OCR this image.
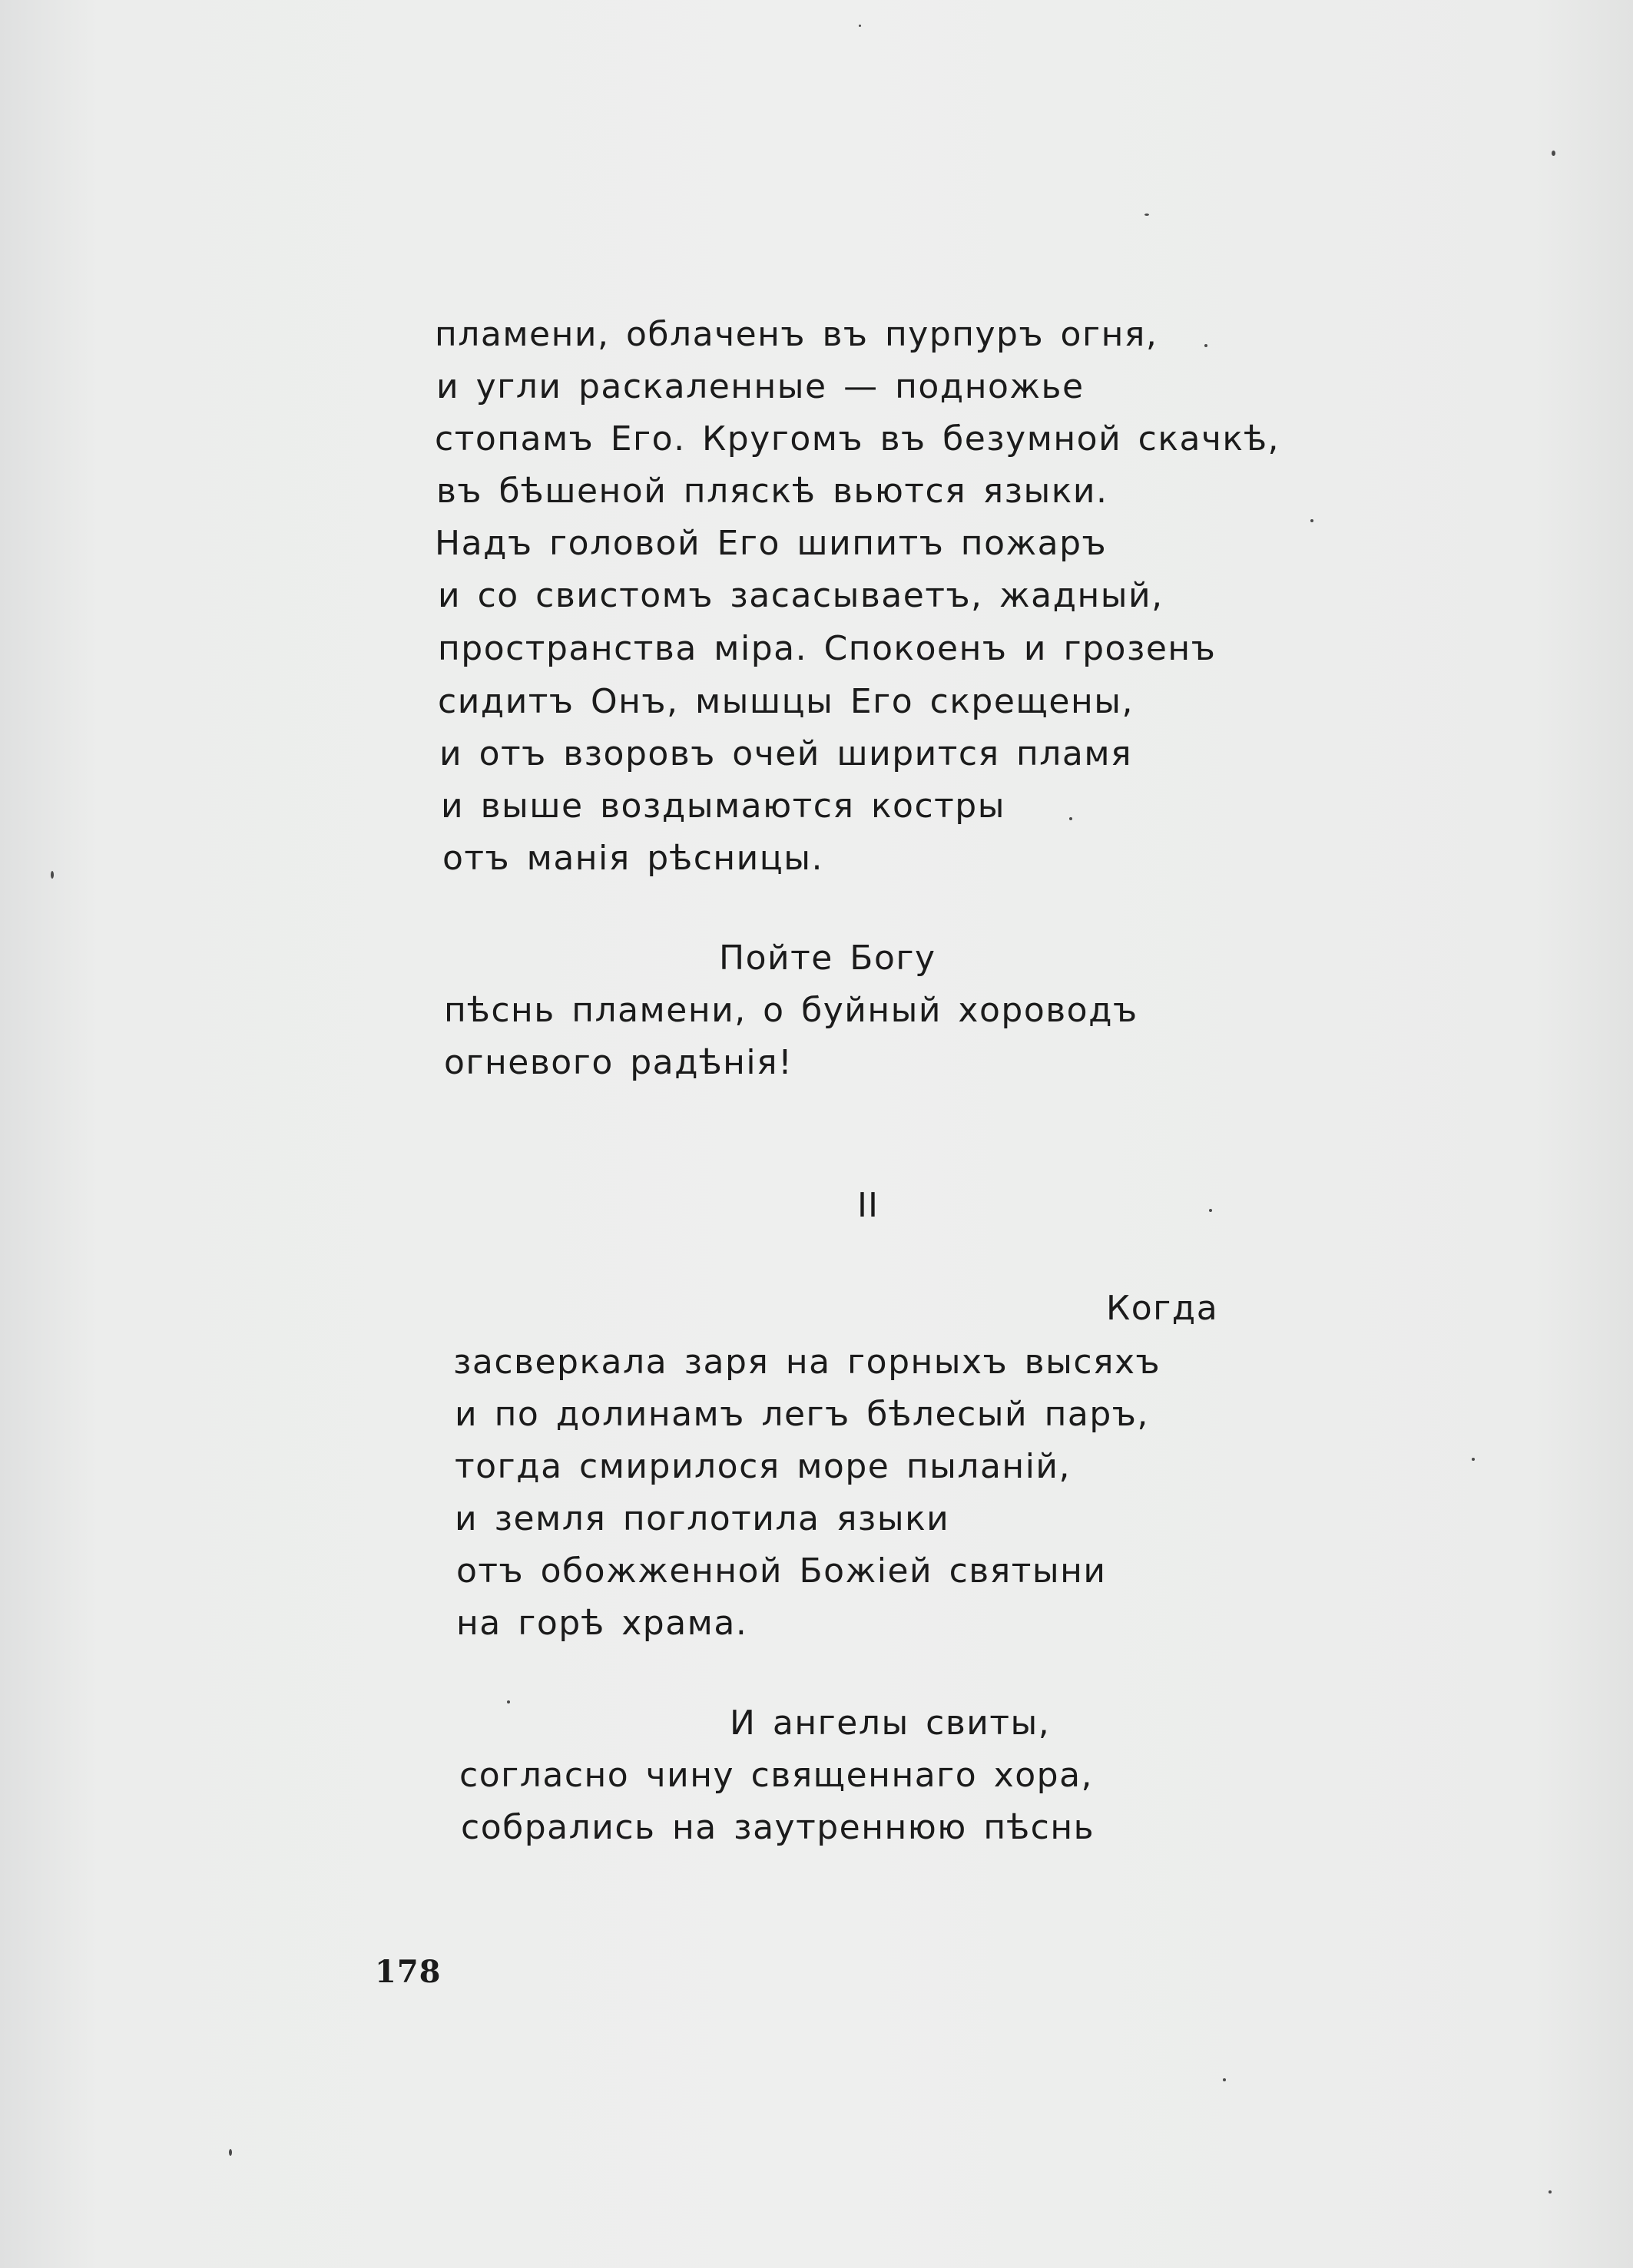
пламени, облаченъ въ пурпуръ огня,
и угли раскаленные — подножье
стопамъ Его. Кругомъ въ безумной скачкѣ,
въ бѣшеной пляскѣ вьются языки.
Надъ головой Его шипитъ пожаръ
и со свистомъ засасываетъ, жадный,
пространства міра. Спокоенъ и грозенъ
сидитъ Онъ, мышцы Его скрещены,
и отъ взоровъ очей ширится пламя
и выше воздымаются костры
отъ манія рѣсницы.
Пойте Богу
пѣснь пламени, о буйный хороводъ
огневого радѣнія!
II
Когда
засверкала заря на горныхъ высяхъ
и по долинамъ легъ бѣлесый паръ,
тогда смирилося море пыланій,
и земля поглотила языки
отъ обожженной Божіей святыни
на горѣ храма.
И ангелы свиты,
согласно чину священнаго хора,
собрались на заутреннюю пѣснь
178
